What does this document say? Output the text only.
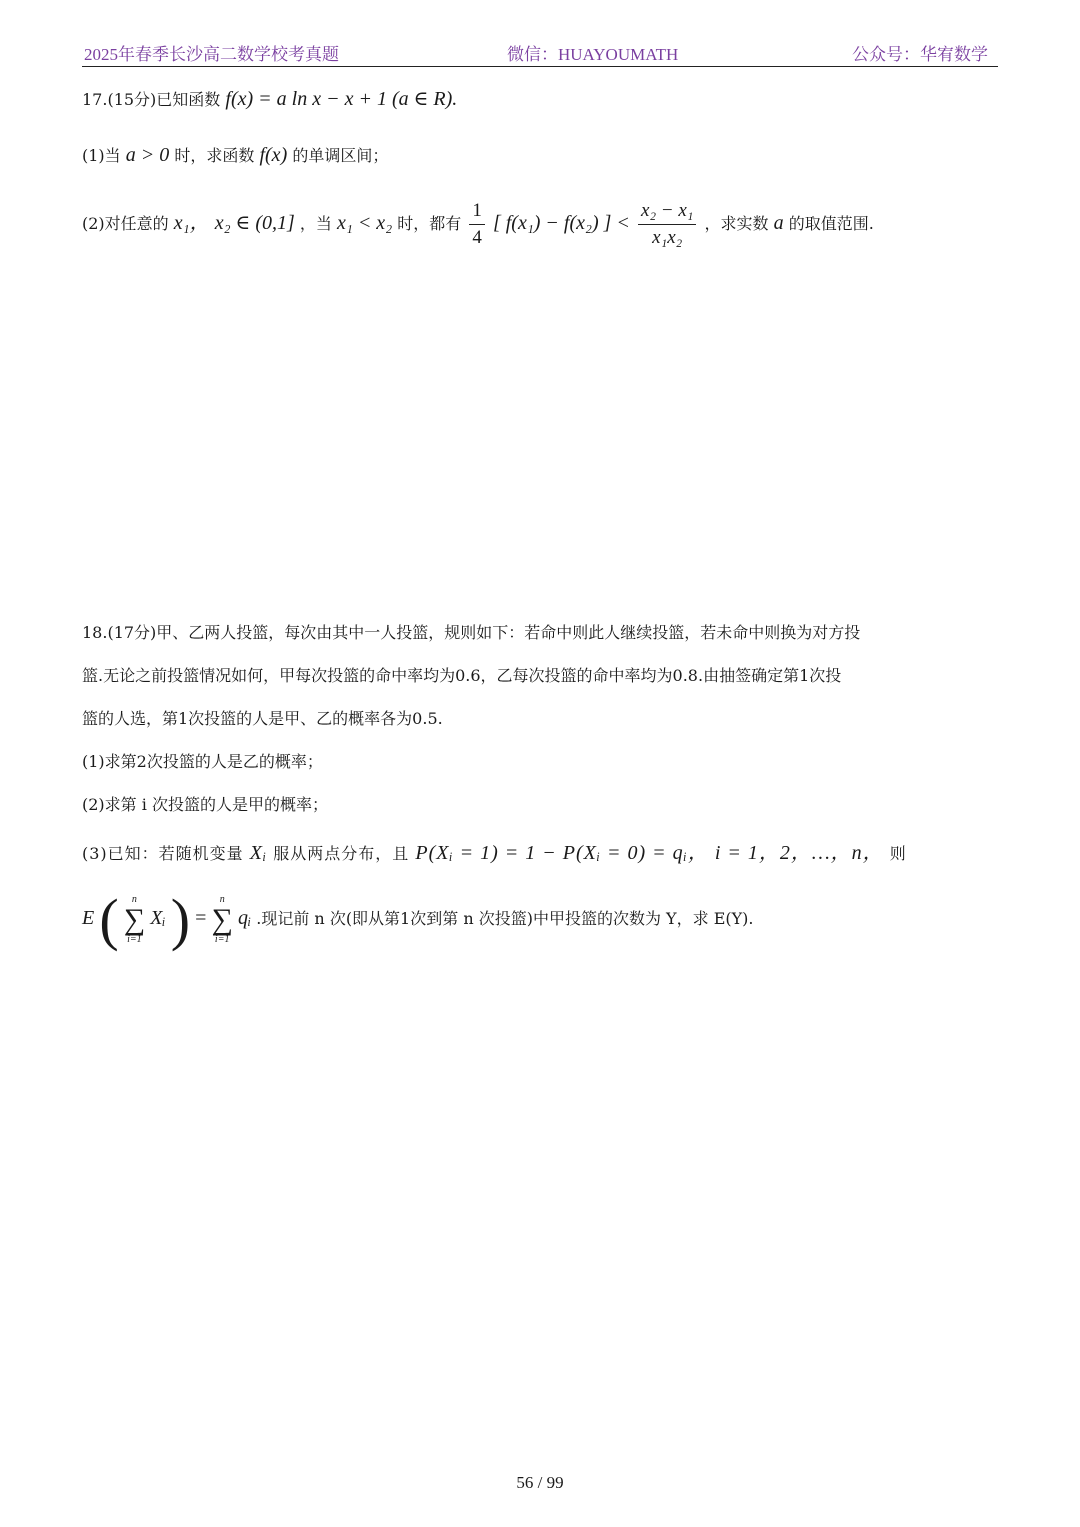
2025年春季长沙高二数学校考真题	微信：HUAYOUMATH	公众号：华宥数学
17.(15分)已知函数 f(x) = a ln x − x + 1 (a ∈ R).
(1)当 a > 0 时，求函数 f(x) 的单调区间；
(2)对任意的 x₁， x₂ ∈ (0,1] ，当 x₁ < x₂ 时，都有 $\frac{1}{4}$ [ f(x₁) − f(x₂) ] < $\frac{\text{x₂ − x₁}}{\text{x₁x₂}}$ ，求实数 a 的取值范围.
18.(17分)甲、乙两人投篮，每次由其中一人投篮，规则如下：若命中则此人继续投篮，若未命中则换为对方投
篮.无论之前投篮情况如何，甲每次投篮的命中率均为0.6，乙每次投篮的命中率均为0.8.由抽签确定第1次投
篮的人选，第1次投篮的人是甲、乙的概率各为0.5.
(1)求第2次投篮的人是乙的概率；
(2)求第 i 次投篮的人是甲的概率；
(3)已知：若随机变量 Xᵢ 服从两点分布，且 P(Xᵢ = 1) = 1 − P(Xᵢ = 0) = qᵢ， i = 1，2，…，n， 则
E (	n
∑
i=1
Xᵢ ) =
n
∑
i=1
qᵢ .现记前 n 次(即从第1次到第 n 次投篮)中甲投篮的次数为 Y，求 E(Y).
56 / 99
